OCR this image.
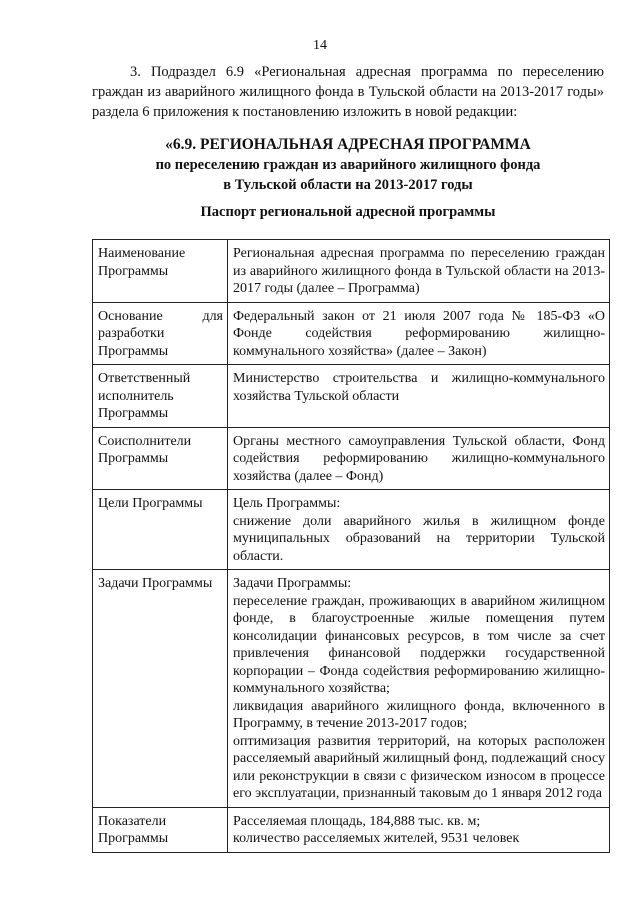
14

3. Подраздел 6.9 «Региональная адресная программа по переселению граждан из аварийного жилищного фонда в Тульской области на 2013-2017 годы» раздела 6 приложения к постановлению изложить в новой редакции:

«6.9. РЕГИОНАЛЬНАЯ АДРЕСНАЯ ПРОГРАММА
по переселению граждан из аварийного жилищного фонда
в Тульской области на 2013-2017 годы
Паспорт региональной адресной программы
Наименование Программы	Региональная адресная программа по переселению граждан из аварийного жилищного фонда в Тульской области на 2013-2017 годы (далее – Программа)
Основание для разработки Программы	Федеральный закон от 21 июля 2007 года № 185-ФЗ «О Фонде содействия реформированию жилищно-коммунального хозяйства» (далее – Закон)
Ответственный исполнитель Программы	Министерство строительства и жилищно-коммунального хозяйства Тульской области
Соисполнители Программы	Органы местного самоуправления Тульской области, Фонд содействия реформированию жилищно-коммунального хозяйства (далее – Фонд)
Цели Программы	Цель Программы:
снижение доли аварийного жилья в жилищном фонде муниципальных образований на территории Тульской области.

Задачи Программы	Задачи Программы:
переселение граждан, проживающих в аварийном жилищном фонде, в благоустроенные жилые помещения путем консолидации финансовых ресурсов, в том числе за счет привлечения финансовой поддержки государственной корпорации – Фонда содействия реформированию жилищно-коммунального хозяйства;
ликвидация аварийного жилищного фонда, включенного в Программу, в течение 2013-2017 годов;
оптимизация развития территорий, на которых расположен расселяемый аварийный жилищный фонд, подлежащий сносу или реконструкции в связи с физическом износом в процессе его эксплуатации, признанный таковым до 1 января 2012 года

Показатели Программы	Расселяемая площадь, 184,888 тыс. кв. м;
количество расселяемых жителей, 9531 человек
